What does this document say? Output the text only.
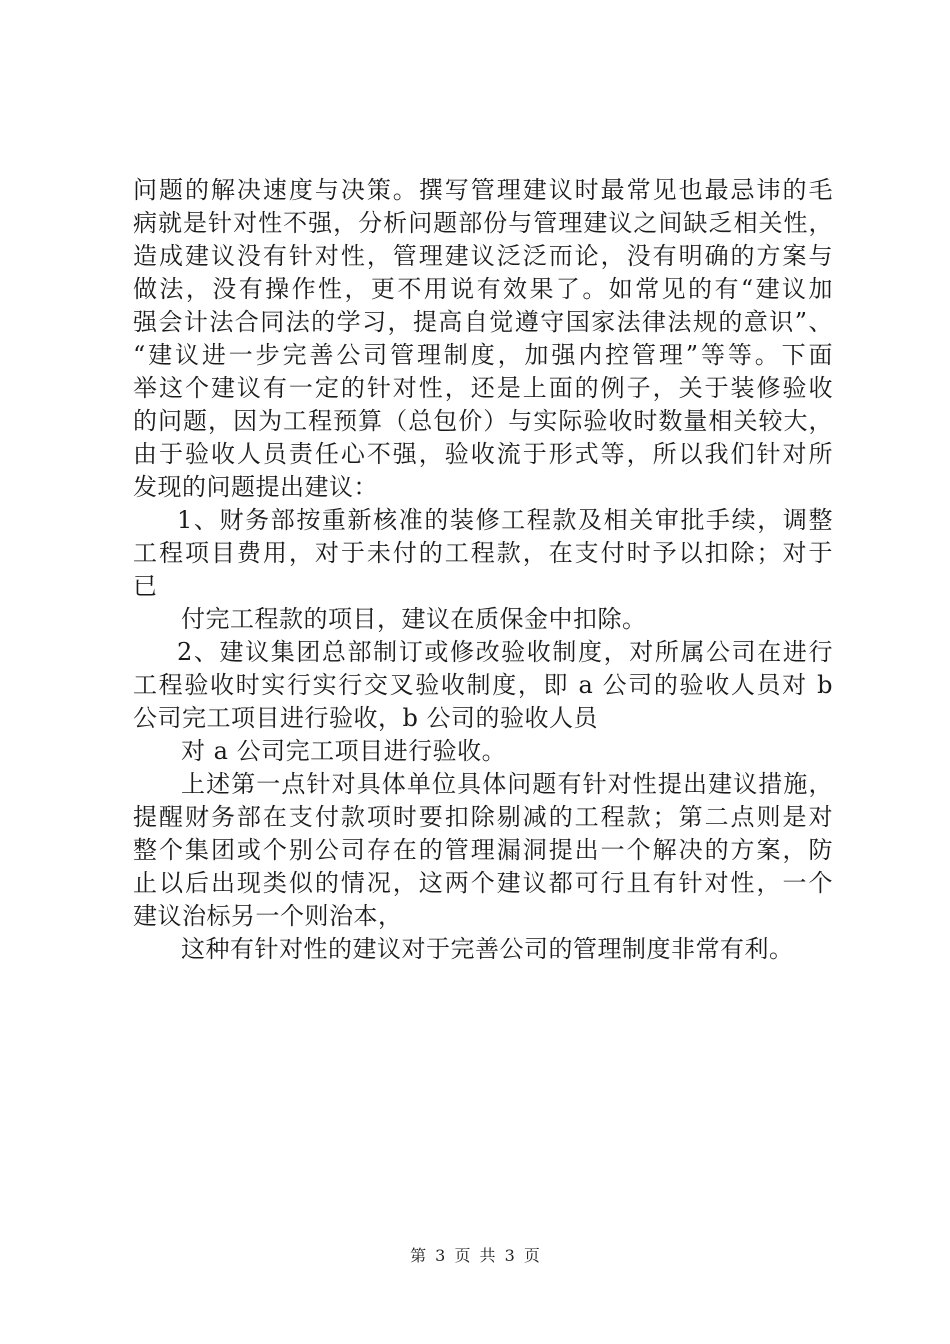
问题的解决速度与决策。撰写管理建议时最常见也最忌讳的毛
病就是针对性不强，分析问题部份与管理建议之间缺乏相关性，
造成建议没有针对性，管理建议泛泛而论，没有明确的方案与
做法，没有操作性，更不用说有效果了。如常见的有“建议加
强会计法合同法的学习，提高自觉遵守国家法律法规的意识”、
“建议进一步完善公司管理制度，加强内控管理”等等。下面
举这个建议有一定的针对性，还是上面的例子，关于装修验收
的问题，因为工程预算（总包价）与实际验收时数量相关较大，
由于验收人员责任心不强，验收流于形式等，所以我们针对所
发现的问题提出建议：
1、财务部按重新核准的装修工程款及相关审批手续，调整
工程项目费用，对于未付的工程款，在支付时予以扣除；对于
已
付完工程款的项目，建议在质保金中扣除。
2、建议集团总部制订或修改验收制度，对所属公司在进行
工程验收时实行实行交叉验收制度，即 a 公司的验收人员对 b
公司完工项目进行验收，b 公司的验收人员
对 a 公司完工项目进行验收。
上述第一点针对具体单位具体问题有针对性提出建议措施，
提醒财务部在支付款项时要扣除剔减的工程款；第二点则是对
整个集团或个别公司存在的管理漏洞提出一个解决的方案，防
止以后出现类似的情况，这两个建议都可行且有针对性，一个
建议治标另一个则治本，
这种有针对性的建议对于完善公司的管理制度非常有利。
第 3 页 共 3 页
